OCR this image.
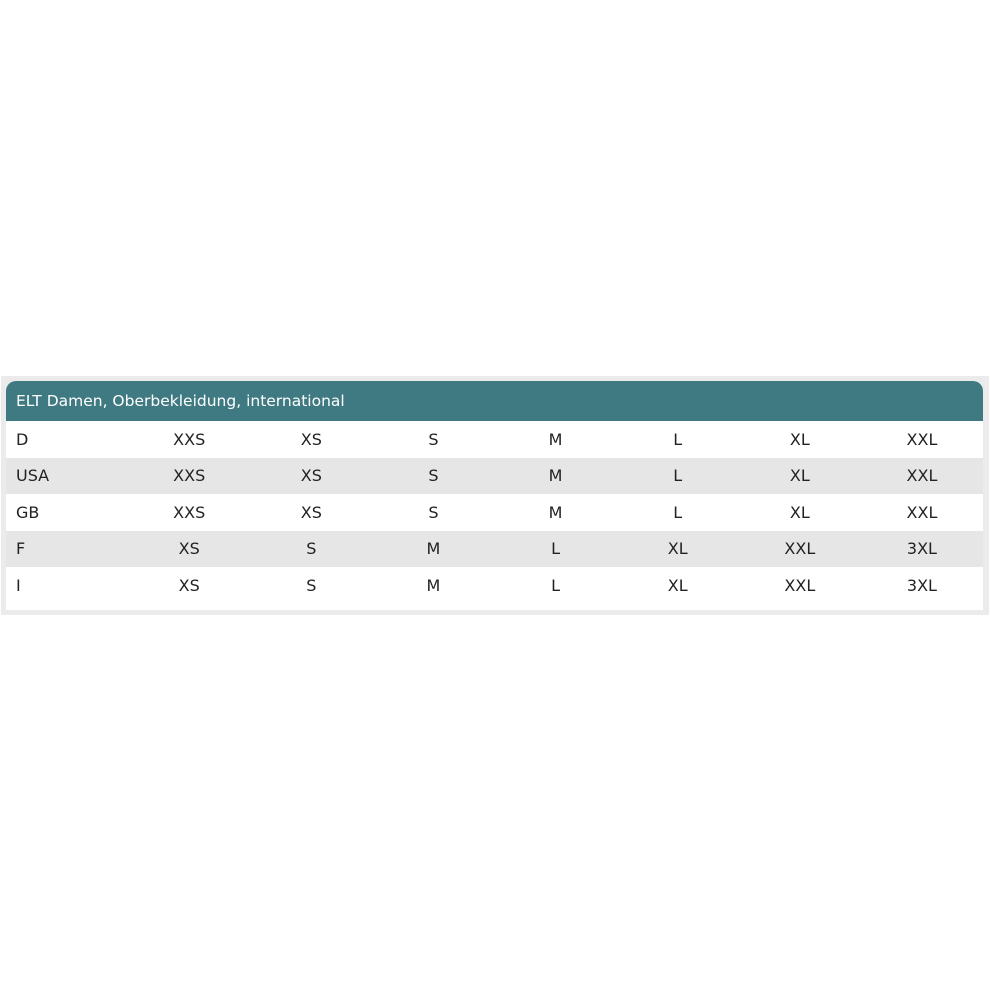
ELT Damen, Oberbekleidung, international
D	XXS	XS	S	M	L	XL	XXL
USA	XXS	XS	S	M	L	XL	XXL
GB	XXS	XS	S	M	L	XL	XXL
F	XS	S	M	L	XL	XXL	3XL
I	XS	S	M	L	XL	XXL	3XL
